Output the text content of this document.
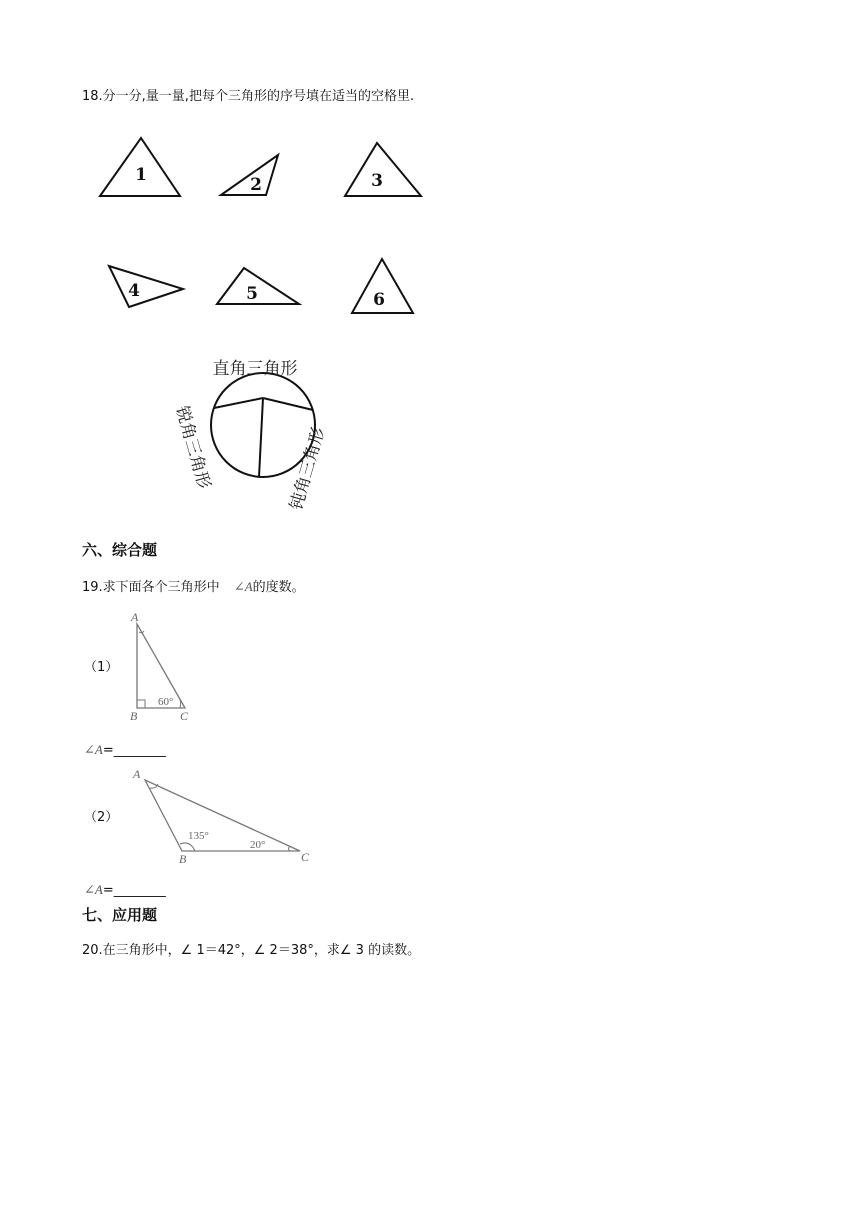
18.分一分,量一量,把每个三角形的序号填在适当的空格里.
1	2	3
4	5	6
直角三角形
锐角三角形	钝角三角形
六、综合题
19.求下面各个三角形中 ∠A的度数。
（1）
A
B	C
60°
∠A=________
（2）
A
B	C
135°
20°
∠A=________
七、应用题
20.在三角形中，∠ 1＝42°，∠ 2＝38°，求∠ 3 的读数。
